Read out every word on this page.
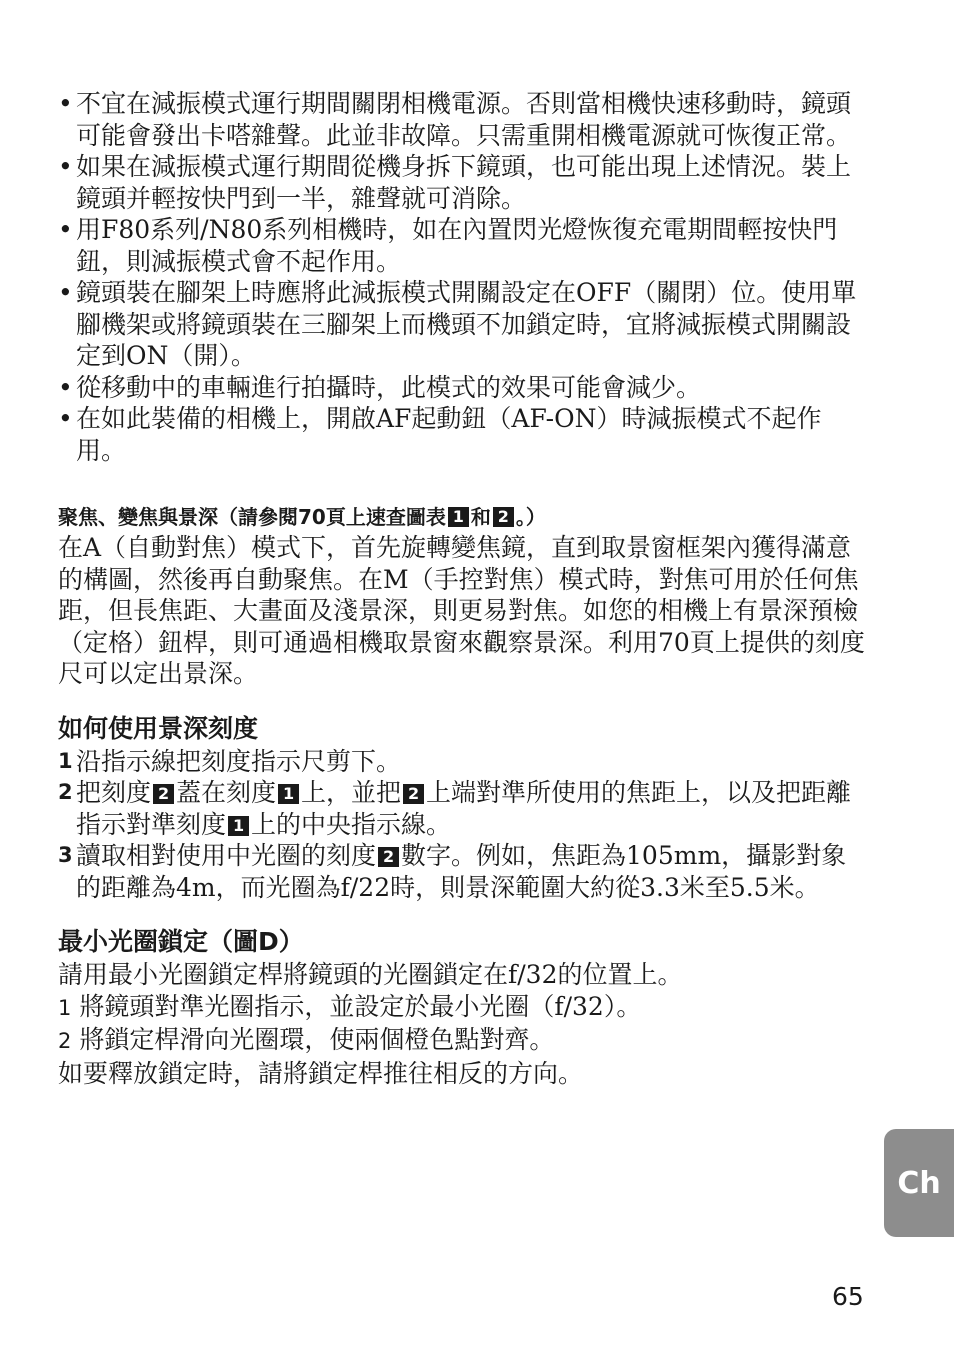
• 不宜在減振模式運行期間關閉相機電源。否則當相機快速移動時，鏡頭可能會發出卡嗒雜聲。此並非故障。只需重開相機電源就可恢復正常。
• 如果在減振模式運行期間從機身拆下鏡頭，也可能出現上述情況。裝上鏡頭并輕按快門到一半，雜聲就可消除。
• 用F80系列/N80系列相機時，如在內置閃光燈恢復充電期間輕按快門鈕，則減振模式會不起作用。
• 鏡頭裝在腳架上時應將此減振模式開關設定在OFF（關閉）位。使用單腳機架或將鏡頭裝在三腳架上而機頭不加鎖定時，宜將減振模式開關設定到ON（開）。
• 從移動中的車輛進行拍攝時，此模式的效果可能會減少。
• 在如此裝備的相機上，開啟AF起動鈕（AF-ON）時減振模式不起作用。
聚焦、變焦與景深（請參閱70頁上速查圖表 1 和 2 。）
在A（自動對焦）模式下，首先旋轉變焦鏡，直到取景窗框架內獲得滿意的構圖，然後再自動聚焦。在M（手控對焦）模式時，對焦可用於任何焦距，但長焦距、大畫面及淺景深，則更易對焦。如您的相機上有景深預檢（定格）鈕桿，則可通過相機取景窗來觀察景深。利用70頁上提供的刻度尺可以定出景深。
如何使用景深刻度
1 沿指示線把刻度指示尺剪下。
2 把刻度 2 蓋在刻度 1 上，並把 2 上端對準所使用的焦距上，以及把距離指示對準刻度 1 上的中央指示線。
3 讀取相對使用中光圈的刻度 2 數字。例如，焦距為105mm，攝影對象的距離為4m，而光圈為f/22時，則景深範圍大約從3.3米至5.5米。
最小光圈鎖定（圖D）

請用最小光圈鎖定桿將鏡頭的光圈鎖定在f/32的位置上。

1 將鏡頭對準光圈指示，並設定於最小光圈（f/32）。

2 將鎖定桿滑向光圈環，使兩個橙色點對齊。

如要釋放鎖定時，請將鎖定桿推往相反的方向。

Ch
65
